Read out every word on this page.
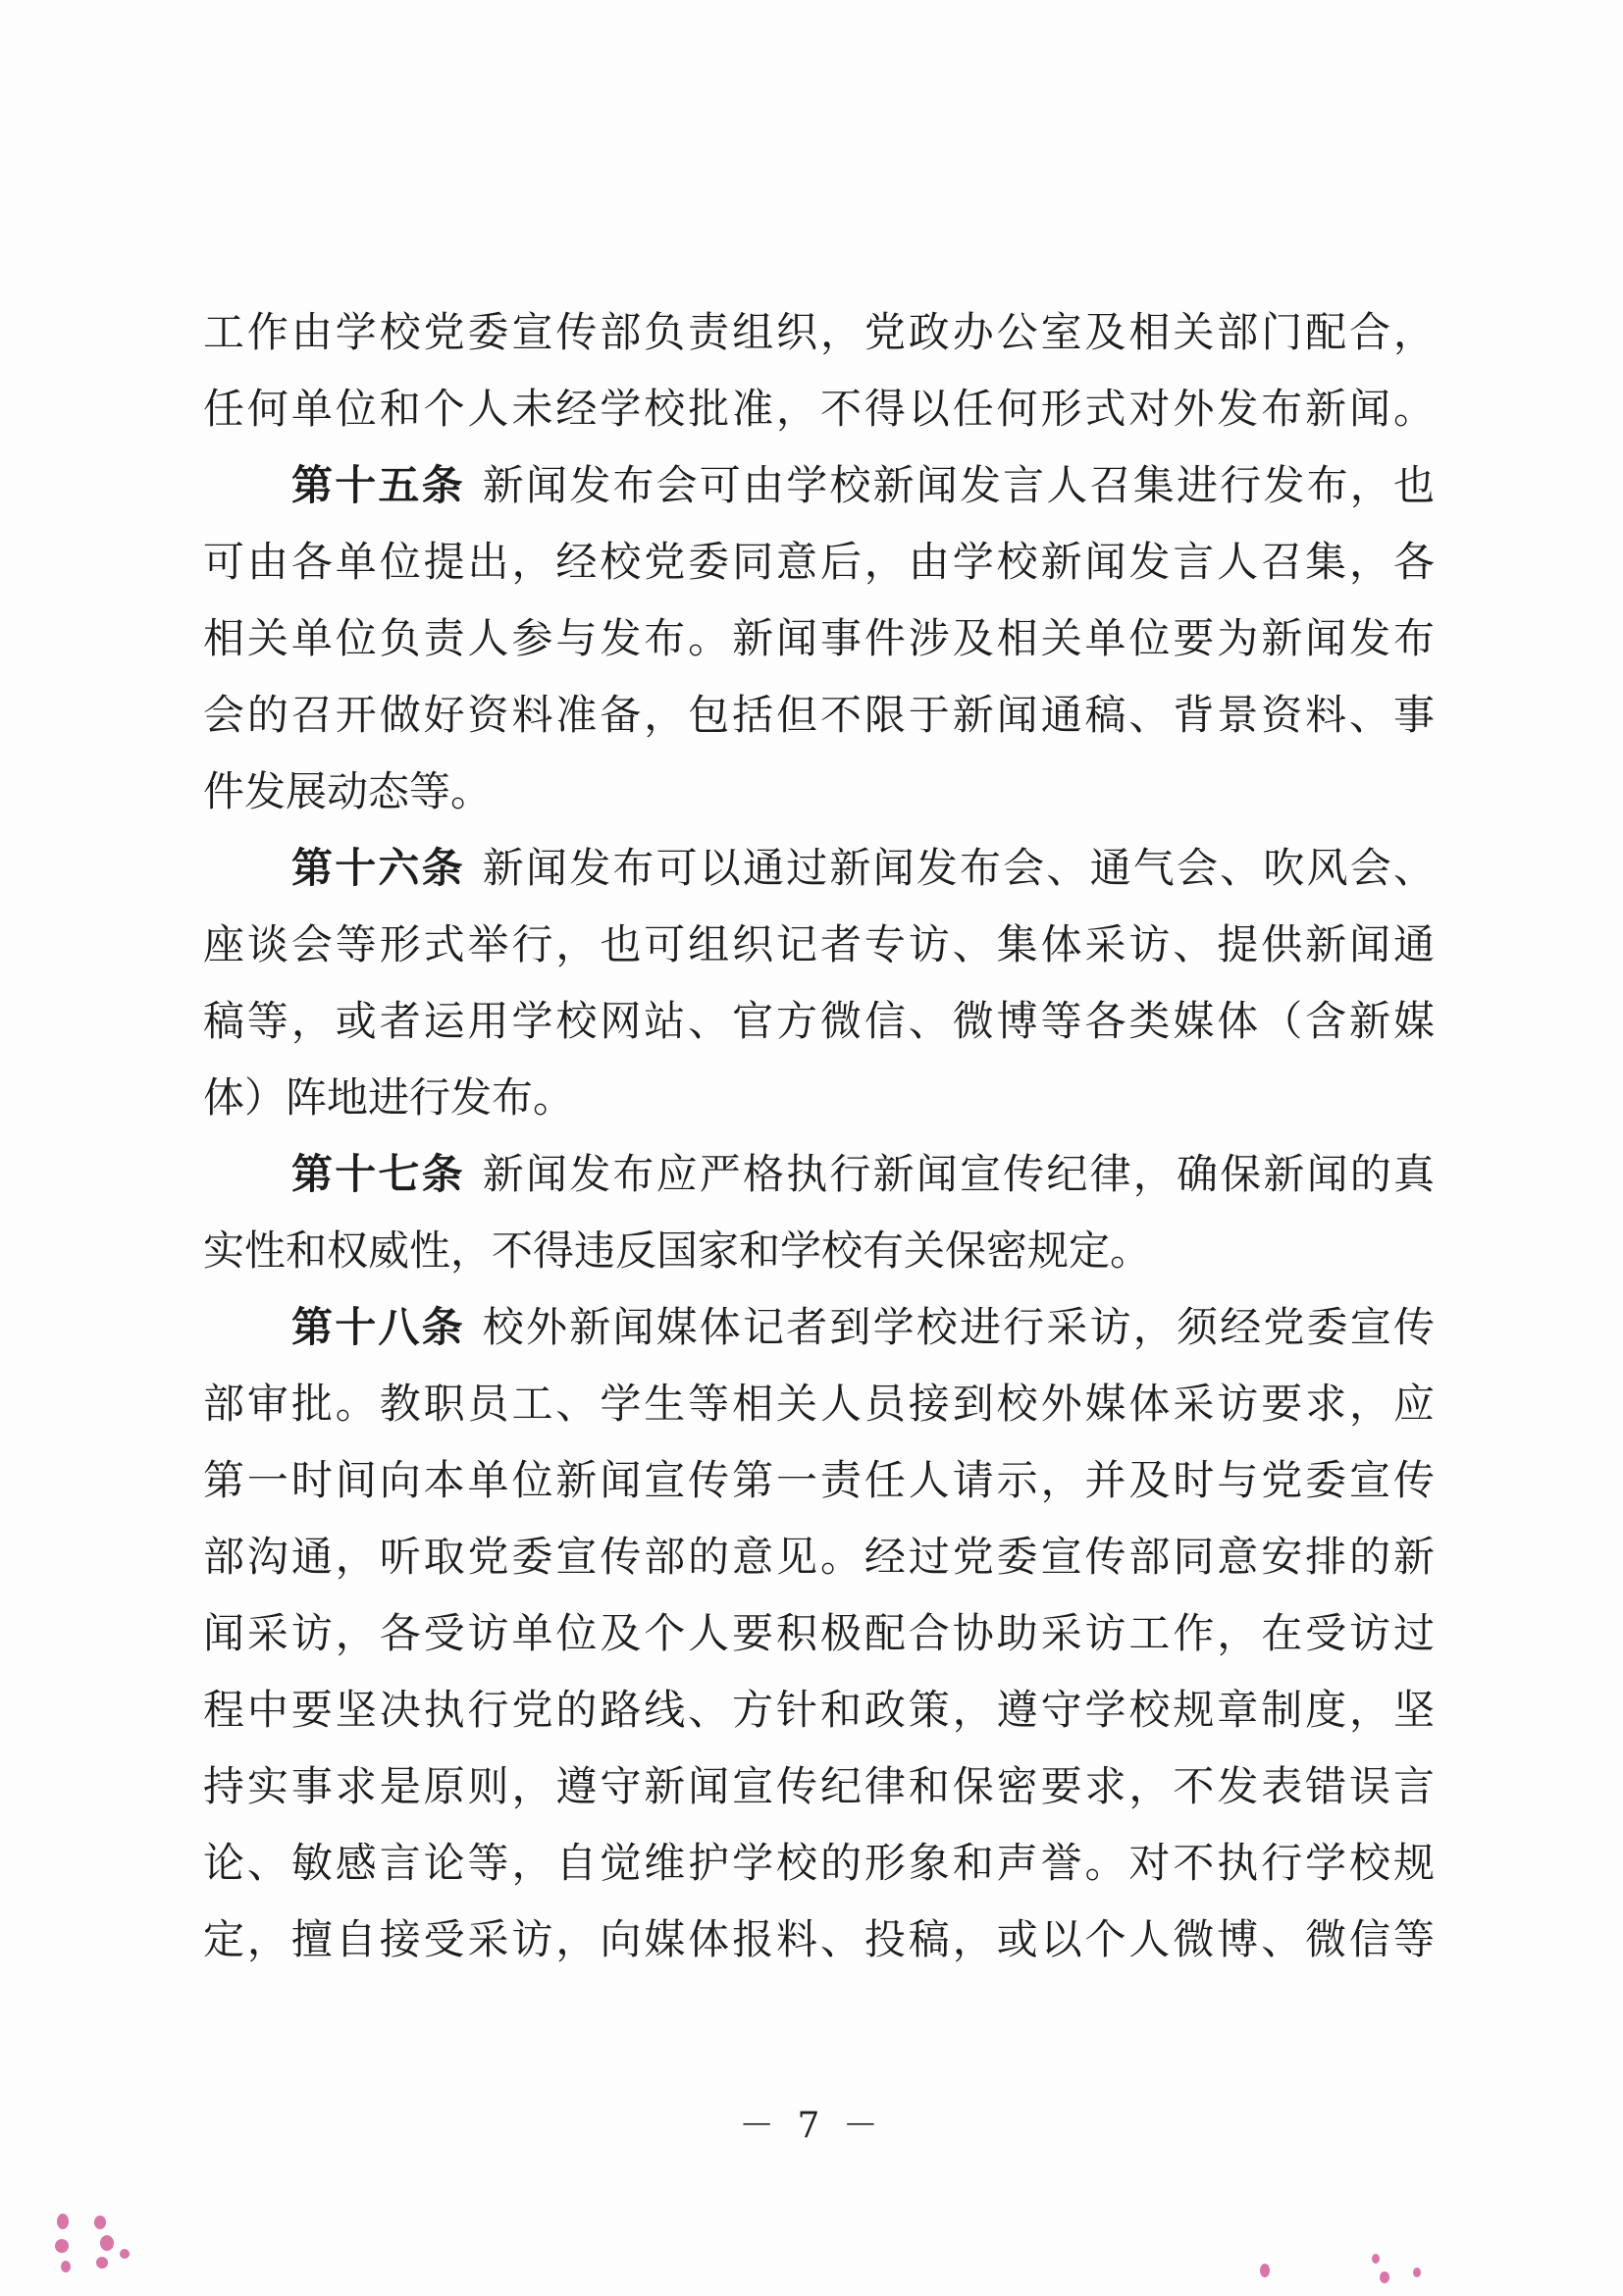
工作由学校党委宣传部负责组织，党政办公室及相关部门配合，
任何单位和个人未经学校批准，不得以任何形式对外发布新闻。
第十五条 新闻发布会可由学校新闻发言人召集进行发布，也
可由各单位提出，经校党委同意后，由学校新闻发言人召集，各
相关单位负责人参与发布。新闻事件涉及相关单位要为新闻发布
会的召开做好资料准备，包括但不限于新闻通稿、背景资料、事
件发展动态等。
第十六条 新闻发布可以通过新闻发布会、通气会、吹风会、
座谈会等形式举行，也可组织记者专访、集体采访、提供新闻通
稿等，或者运用学校网站、官方微信、微博等各类媒体（含新媒
体）阵地进行发布。
第十七条 新闻发布应严格执行新闻宣传纪律，确保新闻的真
实性和权威性，不得违反国家和学校有关保密规定。
第十八条 校外新闻媒体记者到学校进行采访，须经党委宣传
部审批。教职员工、学生等相关人员接到校外媒体采访要求，应
第一时间向本单位新闻宣传第一责任人请示，并及时与党委宣传
部沟通，听取党委宣传部的意见。经过党委宣传部同意安排的新
闻采访，各受访单位及个人要积极配合协助采访工作，在受访过
程中要坚决执行党的路线、方针和政策，遵守学校规章制度，坚
持实事求是原则，遵守新闻宣传纪律和保密要求，不发表错误言
论、敏感言论等，自觉维护学校的形象和声誉。对不执行学校规
定，擅自接受采访，向媒体报料、投稿，或以个人微博、微信等
－ 7 －
